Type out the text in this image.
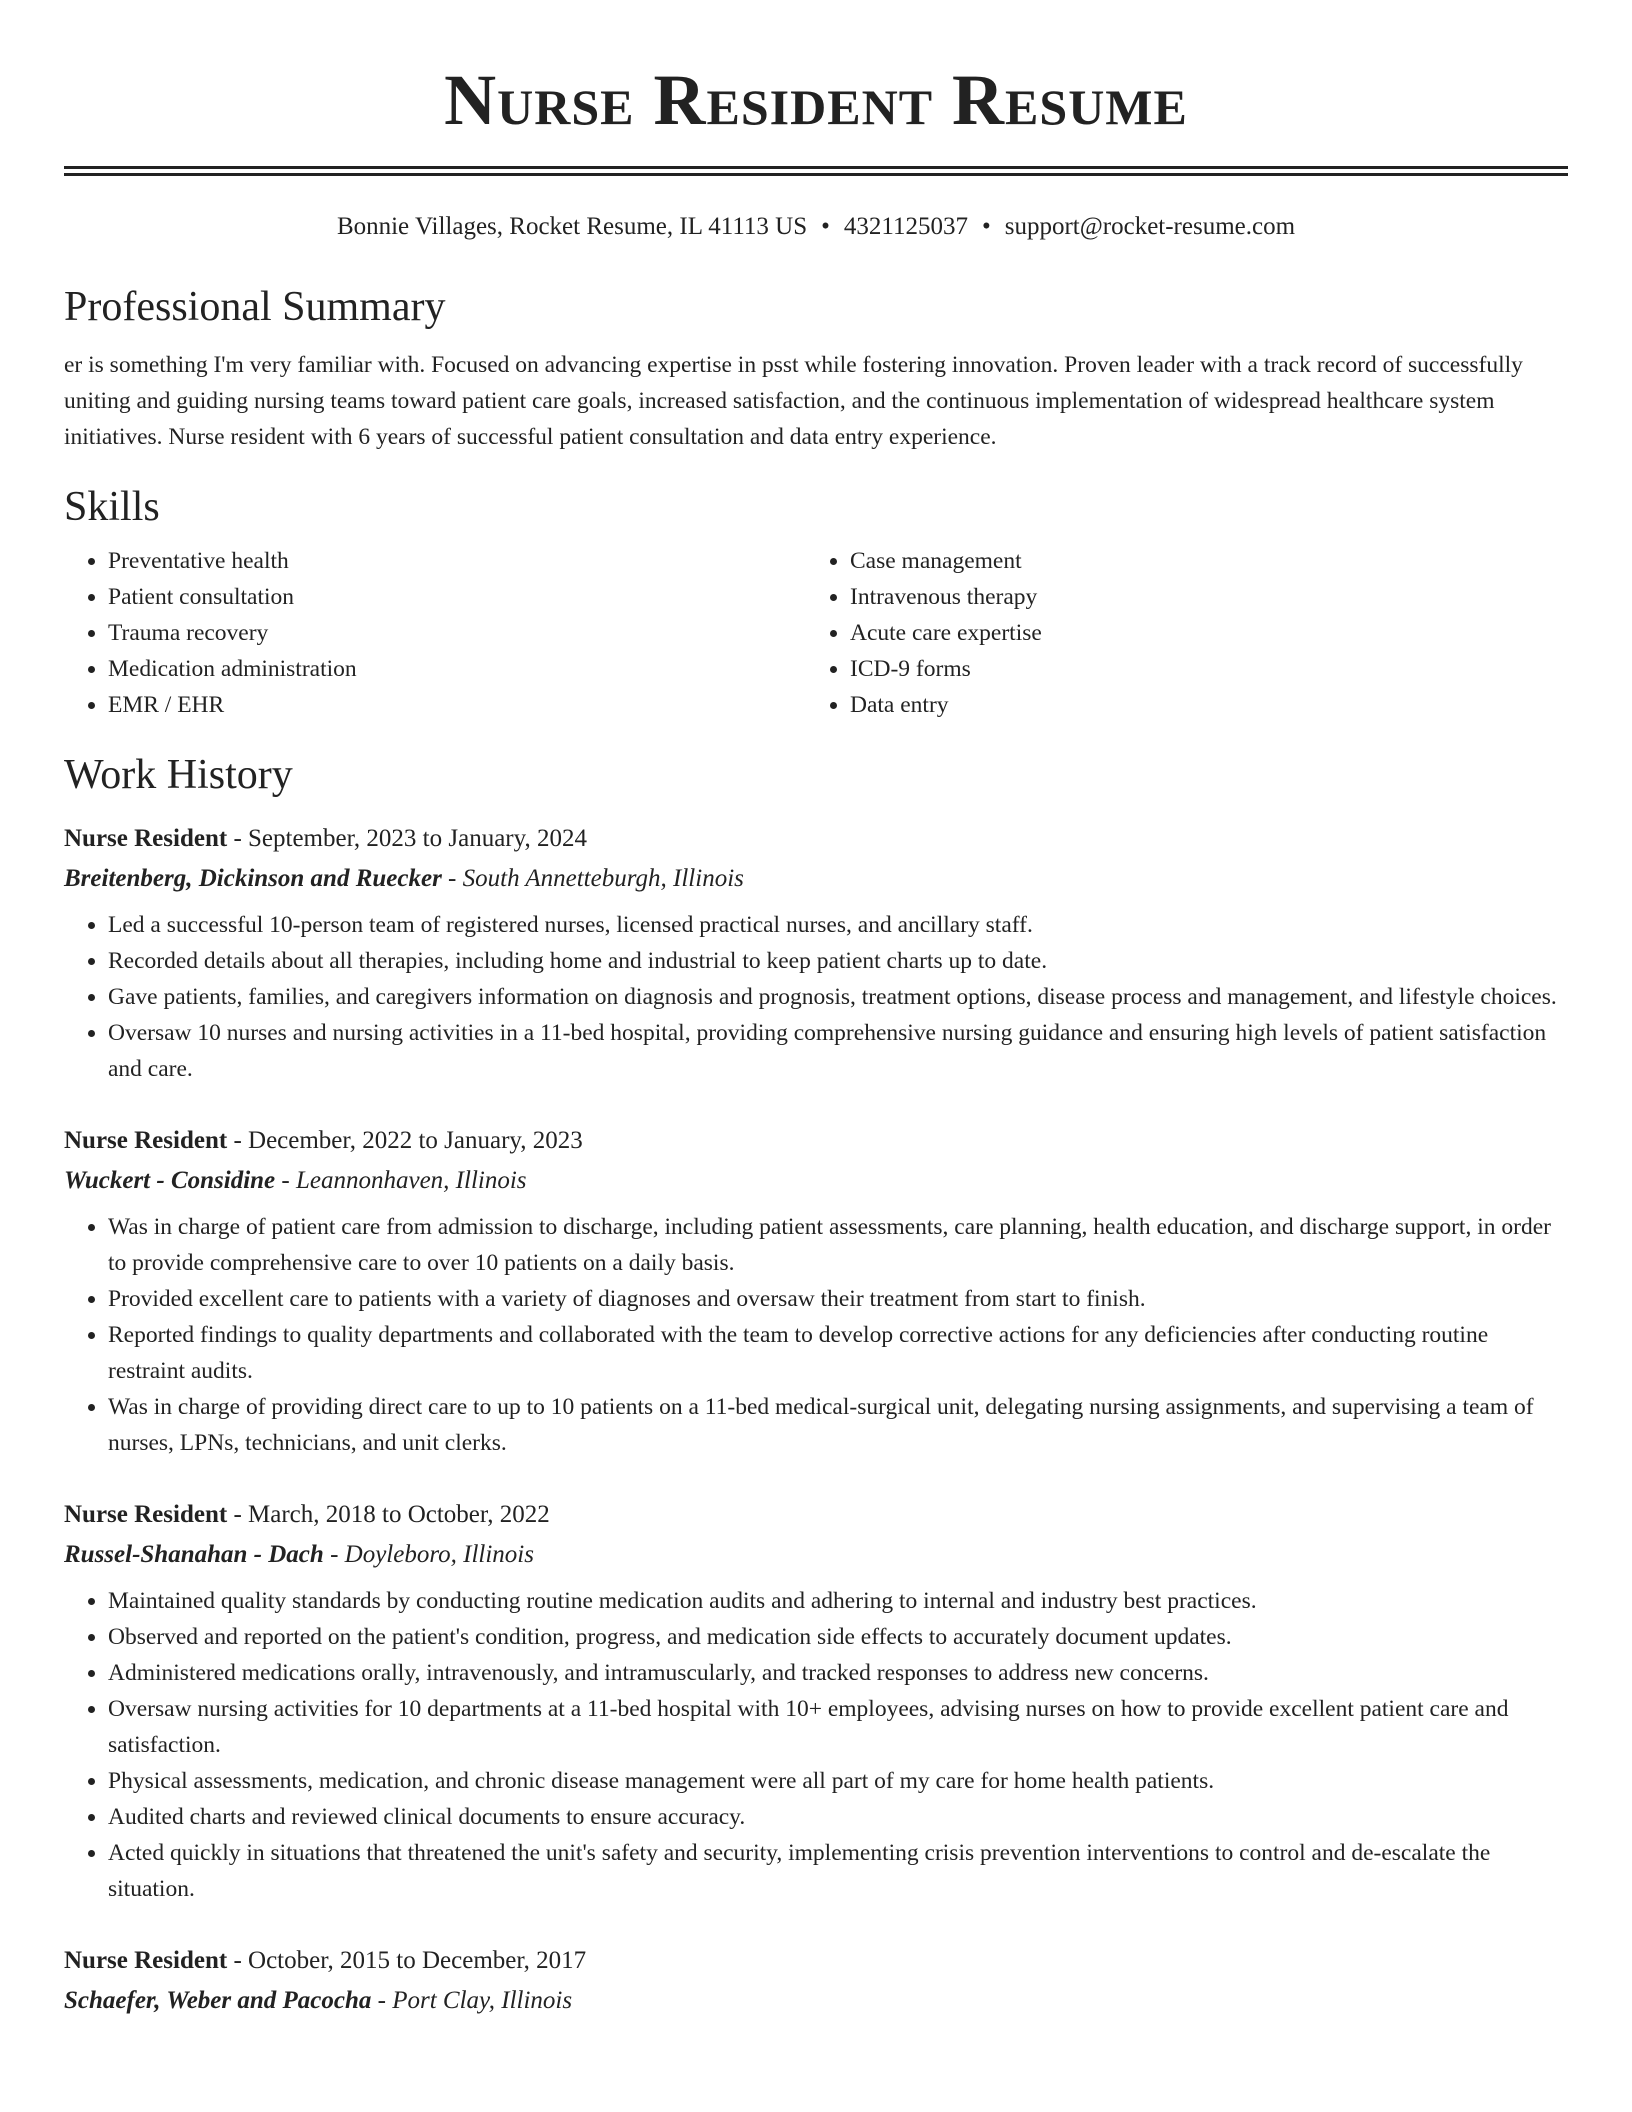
Nurse Resident Resume
Bonnie Villages, Rocket Resume, IL 41113 US • 4321125037 • support@rocket-resume.com
Professional Summary

er is something I'm very familiar with. Focused on advancing expertise in psst while fostering innovation. Proven leader with a track record of successfully uniting and guiding nursing teams toward patient care goals, increased satisfaction, and the continuous implementation of widespread healthcare system initiatives. Nurse resident with 6 years of successful patient consultation and data entry experience.

Skills
• Preventative health
• Patient consultation
• Trauma recovery
• Medication administration
• EMR / EHR
• Case management
• Intravenous therapy
• Acute care expertise
• ICD-9 forms
• Data entry
Work History
Nurse Resident - September, 2023 to January, 2024
Breitenberg, Dickinson and Ruecker - South Annetteburgh, Illinois
• Led a successful 10-person team of registered nurses, licensed practical nurses, and ancillary staff.
• Recorded details about all therapies, including home and industrial to keep patient charts up to date.
• Gave patients, families, and caregivers information on diagnosis and prognosis, treatment options, disease process and management, and lifestyle choices.
• Oversaw 10 nurses and nursing activities in a 11-bed hospital, providing comprehensive nursing guidance and ensuring high levels of patient satisfaction and care.
Nurse Resident - December, 2022 to January, 2023
Wuckert - Considine - Leannonhaven, Illinois
• Was in charge of patient care from admission to discharge, including patient assessments, care planning, health education, and discharge support, in order to provide comprehensive care to over 10 patients on a daily basis.
• Provided excellent care to patients with a variety of diagnoses and oversaw their treatment from start to finish.
• Reported findings to quality departments and collaborated with the team to develop corrective actions for any deficiencies after conducting routine restraint audits.
• Was in charge of providing direct care to up to 10 patients on a 11-bed medical-surgical unit, delegating nursing assignments, and supervising a team of nurses, LPNs, technicians, and unit clerks.
Nurse Resident - March, 2018 to October, 2022
Russel-Shanahan - Dach - Doyleboro, Illinois
• Maintained quality standards by conducting routine medication audits and adhering to internal and industry best practices.
• Observed and reported on the patient's condition, progress, and medication side effects to accurately document updates.
• Administered medications orally, intravenously, and intramuscularly, and tracked responses to address new concerns.
• Oversaw nursing activities for 10 departments at a 11-bed hospital with 10+ employees, advising nurses on how to provide excellent patient care and satisfaction.
• Physical assessments, medication, and chronic disease management were all part of my care for home health patients.
• Audited charts and reviewed clinical documents to ensure accuracy.
• Acted quickly in situations that threatened the unit's safety and security, implementing crisis prevention interventions to control and de-escalate the situation.
Nurse Resident - October, 2015 to December, 2017
Schaefer, Weber and Pacocha - Port Clay, Illinois
